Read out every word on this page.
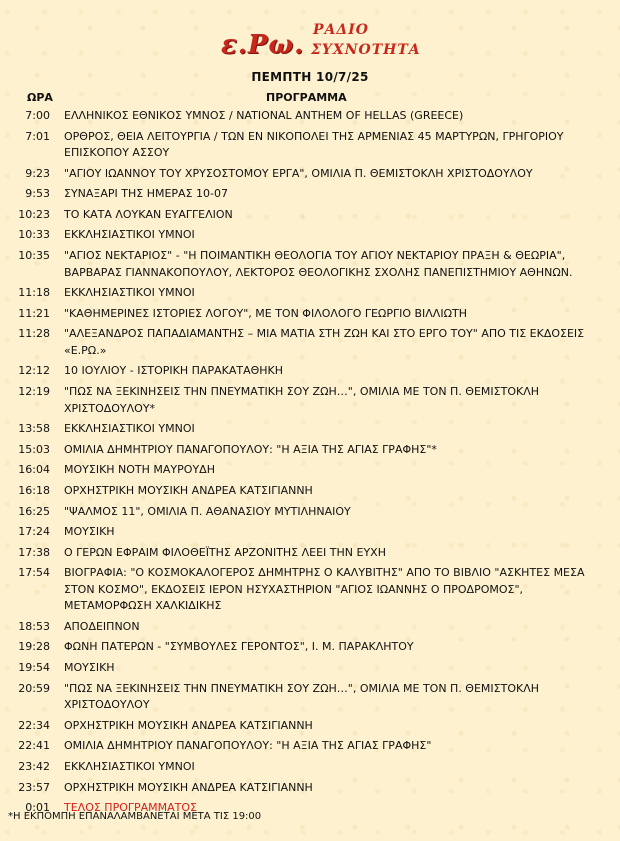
ε.Ρω. ΡΑΔΙΟ
ΣΥΧΝΟΤΗΤΑ
ΠΕΜΠΤΗ 10/7/25
ΩΡΑ	ΠΡΟΓΡΑΜΜΑ
7:00 ΕΛΛΗΝΙΚΟΣ ΕΘΝΙΚΟΣ ΥΜΝΟΣ / NATIONAL ANTHEM OF HELLAS (GREECE)
7:01 ΟΡΘΡΟΣ, ΘΕΙΑ ΛΕΙΤΟΥΡΓΙΑ / ΤΩΝ ΕΝ ΝΙΚΟΠΟΛΕΙ ΤΗΣ ΑΡΜΕΝΙΑΣ 45 ΜΑΡΤΥΡΩΝ, ΓΡΗΓΟΡΙΟΥ ΕΠΙΣΚΟΠΟΥ ΑΣΣΟΥ
9:23 "ΑΓΙΟΥ ΙΩΑΝΝΟΥ ΤΟΥ ΧΡΥΣΟΣΤΟΜΟΥ ΕΡΓΑ", ΟΜΙΛΙΑ Π. ΘΕΜΙΣΤΟΚΛΗ ΧΡΙΣΤΟΔΟΥΛΟΥ
9:53 ΣΥΝΑΞΑΡΙ ΤΗΣ ΗΜΕΡΑΣ 10-07
10:23 ΤΟ ΚΑΤΑ ΛΟΥΚΑΝ ΕΥΑΓΓΕΛΙΟΝ
10:33 ΕΚΚΛΗΣΙΑΣΤΙΚΟΙ ΥΜΝΟΙ
10:35 "ΑΓΙΟΣ ΝΕΚΤΑΡΙΟΣ" - "Η ΠΟΙΜΑΝΤΙΚΗ ΘΕΟΛΟΓΙΑ ΤΟΥ ΑΓΙΟΥ ΝΕΚΤΑΡΙΟΥ ΠΡΑΞΗ & ΘΕΩΡΙΑ", ΒΑΡΒΑΡΑΣ ΓΙΑΝΝΑΚΟΠΟΥΛΟΥ, ΛΕΚΤΟΡΟΣ ΘΕΟΛΟΓΙΚΗΣ ΣΧΟΛΗΣ ΠΑΝΕΠΙΣΤΗΜΙΟΥ ΑΘΗΝΩΝ.
11:18 ΕΚΚΛΗΣΙΑΣΤΙΚΟΙ ΥΜΝΟΙ
11:21 "ΚΑΘΗΜΕΡΙΝΕΣ ΙΣΤΟΡΙΕΣ ΛΟΓΟΥ", ΜΕ ΤΟΝ ΦΙΛΟΛΟΓΟ ΓΕΩΡΓΙΟ ΒΙΛΛΙΩΤΗ
11:28 "ΑΛΕΞΑΝΔΡΟΣ ΠΑΠΑΔΙΑΜΑΝΤΗΣ – ΜΙΑ ΜΑΤΙΑ ΣΤΗ ΖΩΗ ΚΑΙ ΣΤΟ ΕΡΓΟ ΤΟΥ" ΑΠΟ ΤΙΣ ΕΚΔΟΣΕΙΣ «Ε.ΡΩ.»
12:12 10 ΙΟΥΛΙΟΥ - ΙΣΤΟΡΙΚΗ ΠΑΡΑΚΑΤΑΘΗΚΗ
12:19 "ΠΩΣ ΝΑ ΞΕΚΙΝΗΣΕΙΣ ΤΗΝ ΠΝΕΥΜΑΤΙΚΗ ΣΟΥ ΖΩΗ…", ΟΜΙΛΙΑ ΜΕ ΤΟΝ Π. ΘΕΜΙΣΤΟΚΛΗ ΧΡΙΣΤΟΔΟΥΛΟΥ*
13:58 ΕΚΚΛΗΣΙΑΣΤΙΚΟΙ ΥΜΝΟΙ
15:03 ΟΜΙΛΙΑ ΔΗΜΗΤΡΙΟΥ ΠΑΝΑΓΟΠΟΥΛΟΥ: "Η ΑΞΙΑ ΤΗΣ ΑΓΙΑΣ ΓΡΑΦΗΣ"*
16:04 ΜΟΥΣΙΚΗ ΝΟΤΗ ΜΑΥΡΟΥΔΗ
16:18 ΟΡΧΗΣΤΡΙΚΗ ΜΟΥΣΙΚΗ ΑΝΔΡΕΑ ΚΑΤΣΙΓΙΑΝΝΗ
16:25 "ΨΑΛΜΟΣ 11", ΟΜΙΛΙΑ Π. ΑΘΑΝΑΣΙΟΥ ΜΥΤΙΛΗΝΑΙΟΥ
17:24 ΜΟΥΣΙΚΗ
17:38 Ο ΓΕΡΩΝ ΕΦΡΑΙΜ ΦΙΛΟΘΕΪΤΗΣ ΑΡΖΟΝΙΤΗΣ ΛΕΕΙ ΤΗΝ ΕΥΧΗ
17:54 ΒΙΟΓΡΑΦΙΑ: "Ο ΚΟΣΜΟΚΑΛΟΓΕΡΟΣ ΔΗΜΗΤΡΗΣ Ο ΚΑΛΥΒΙΤΗΣ" ΑΠΟ ΤΟ ΒΙΒΛΙΟ "ΑΣΚΗΤΕΣ ΜΕΣΑ ΣΤΟΝ ΚΟΣΜΟ", ΕΚΔΟΣΕΙΣ ΙΕΡΟΝ ΗΣΥΧΑΣΤΗΡΙΟΝ "ΑΓΙΟΣ ΙΩΑΝΝΗΣ Ο ΠΡΟΔΡΟΜΟΣ", ΜΕΤΑΜΟΡΦΩΣΗ ΧΑΛΚΙΔΙΚΗΣ
18:53 ΑΠΟΔΕΙΠΝΟΝ
19:28 ΦΩΝΗ ΠΑΤΕΡΩΝ - "ΣΥΜΒΟΥΛΕΣ ΓΕΡΟΝΤΟΣ", Ι. Μ. ΠΑΡΑΚΛΗΤΟΥ
19:54 ΜΟΥΣΙΚΗ
20:59 "ΠΩΣ ΝΑ ΞΕΚΙΝΗΣΕΙΣ ΤΗΝ ΠΝΕΥΜΑΤΙΚΗ ΣΟΥ ΖΩΗ…", ΟΜΙΛΙΑ ΜΕ ΤΟΝ Π. ΘΕΜΙΣΤΟΚΛΗ ΧΡΙΣΤΟΔΟΥΛΟΥ
22:34 ΟΡΧΗΣΤΡΙΚΗ ΜΟΥΣΙΚΗ ΑΝΔΡΕΑ ΚΑΤΣΙΓΙΑΝΝΗ
22:41 ΟΜΙΛΙΑ ΔΗΜΗΤΡΙΟΥ ΠΑΝΑΓΟΠΟΥΛΟΥ: "Η ΑΞΙΑ ΤΗΣ ΑΓΙΑΣ ΓΡΑΦΗΣ"
23:42 ΕΚΚΛΗΣΙΑΣΤΙΚΟΙ ΥΜΝΟΙ
23:57 ΟΡΧΗΣΤΡΙΚΗ ΜΟΥΣΙΚΗ ΑΝΔΡΕΑ ΚΑΤΣΙΓΙΑΝΝΗ
0:01 ΤΕΛΟΣ ΠΡΟΓΡΑΜΜΑΤΟΣ
*Η ΕΚΠΟΜΠΗ ΕΠΑΝΑΛΑΜΒΑΝΕΤΑΙ ΜΕΤΑ ΤΙΣ 19:00
